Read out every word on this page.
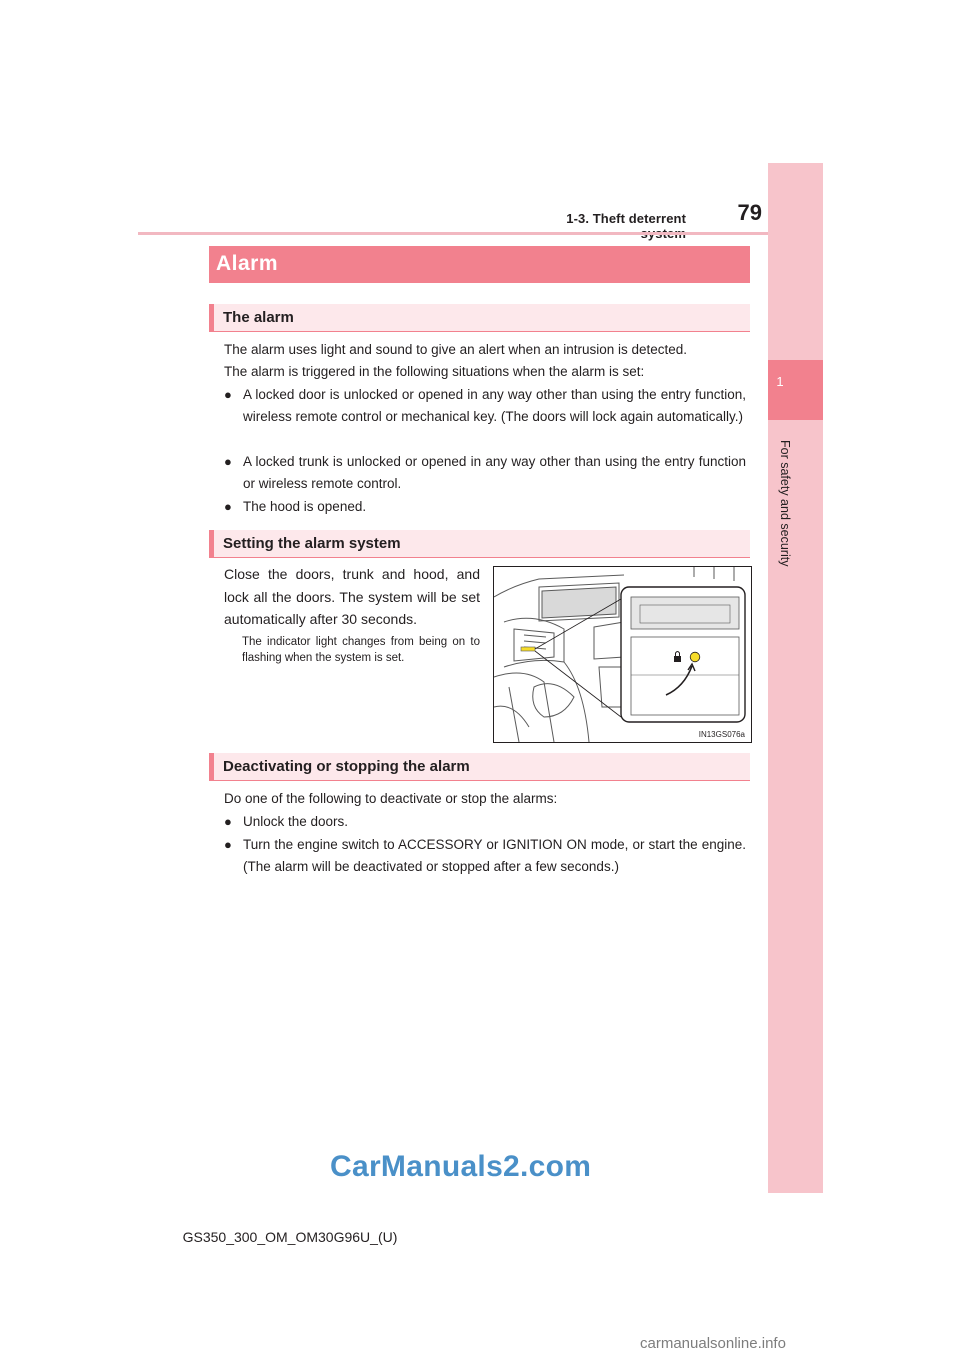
1-3. Theft deterrent	79
1
For safety and security
Alarm
The alarm
The alarm uses light and sound to give an alert when an intrusion is detected.
The alarm is triggered in the following situations when the alarm is set:
● A locked door is unlocked or opened in any way other than using the entry function, wireless remote control or mechanical key. (The doors will lock again automatically.)
● A locked trunk is unlocked or opened in any way other than using the entry function or wireless remote control.
● The hood is opened.
Setting the alarm system
Close the doors, trunk and hood, and lock all the doors. The system will be set automatically after 30 seconds.
The indicator light changes from being on to flashing when the system is set.
IN13GS076a
Deactivating or stopping the alarm
Do one of the following to deactivate or stop the alarms:
● Unlock the doors.
● Turn the engine switch to ACCESSORY or IGNITION ON mode, or start the engine. (The alarm will be deactivated or stopped after a few seconds.)
CarManuals2.com
GS350_300_OM_OM30G96U_(U)
carmanualsonline.info
